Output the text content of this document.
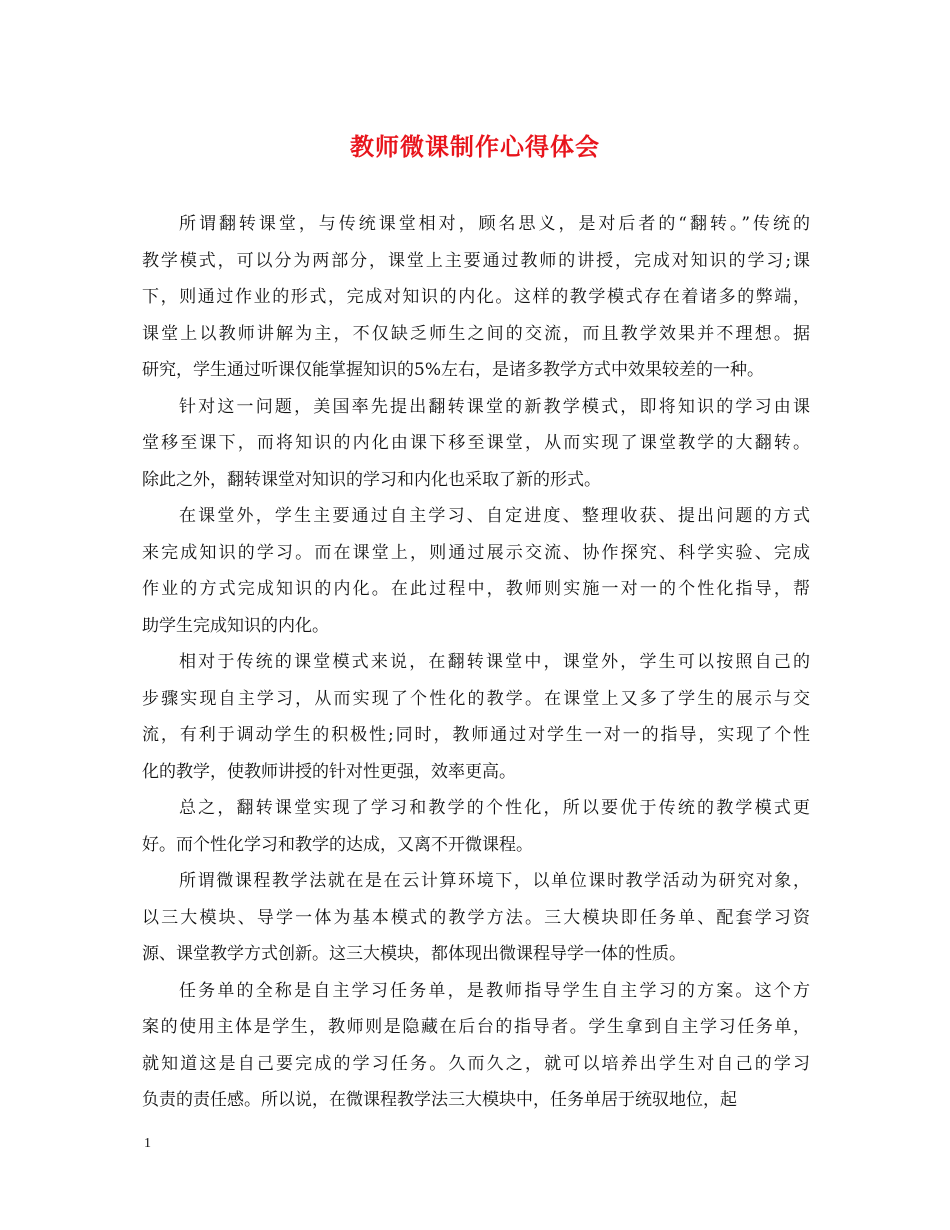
教师微课制作心得体会
所谓翻转课堂，与传统课堂相对，顾名思义，是对后者的“翻转。”传统的
教学模式，可以分为两部分，课堂上主要通过教师的讲授，完成对知识的学习;课
下，则通过作业的形式，完成对知识的内化。这样的教学模式存在着诸多的弊端，
课堂上以教师讲解为主，不仅缺乏师生之间的交流，而且教学效果并不理想。据
研究，学生通过听课仅能掌握知识的5%左右，是诸多教学方式中效果较差的一种。
针对这一问题，美国率先提出翻转课堂的新教学模式，即将知识的学习由课
堂移至课下，而将知识的内化由课下移至课堂，从而实现了课堂教学的大翻转。
除此之外，翻转课堂对知识的学习和内化也采取了新的形式。
在课堂外，学生主要通过自主学习、自定进度、整理收获、提出问题的方式
来完成知识的学习。而在课堂上，则通过展示交流、协作探究、科学实验、完成
作业的方式完成知识的内化。在此过程中，教师则实施一对一的个性化指导，帮
助学生完成知识的内化。
相对于传统的课堂模式来说，在翻转课堂中，课堂外，学生可以按照自己的
步骤实现自主学习，从而实现了个性化的教学。在课堂上又多了学生的展示与交
流，有利于调动学生的积极性;同时，教师通过对学生一对一的指导，实现了个性
化的教学，使教师讲授的针对性更强，效率更高。
总之，翻转课堂实现了学习和教学的个性化，所以要优于传统的教学模式更
好。而个性化学习和教学的达成，又离不开微课程。
所谓微课程教学法就在是在云计算环境下，以单位课时教学活动为研究对象，
以三大模块、导学一体为基本模式的教学方法。三大模块即任务单、配套学习资
源、课堂教学方式创新。这三大模块，都体现出微课程导学一体的性质。
任务单的全称是自主学习任务单，是教师指导学生自主学习的方案。这个方
案的使用主体是学生，教师则是隐藏在后台的指导者。学生拿到自主学习任务单，
就知道这是自己要完成的学习任务。久而久之，就可以培养出学生对自己的学习
负责的责任感。所以说，在微课程教学法三大模块中，任务单居于统驭地位，起
1
